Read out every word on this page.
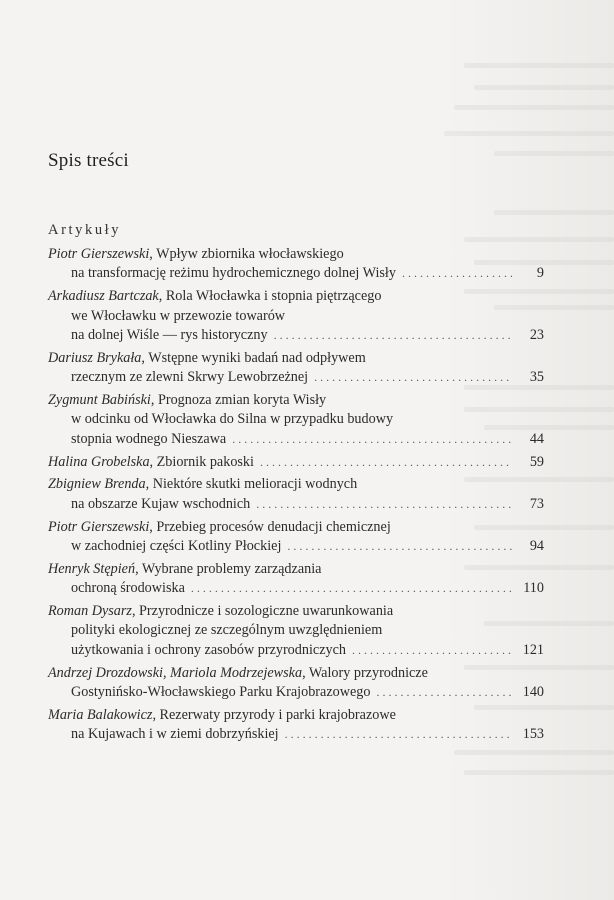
Spis treści
Artykuły
Piotr Gierszewski, Wpływ zbiornika włocławskiego
na transformację reżimu hydrochemicznego dolnej Wisły . . .	9
Arkadiusz Bartczak, Rola Włocławka i stopnia piętrzącego
we Włocławku w przewozie towarów
na dolnej Wiśle — rys historyczny . . .	23
Dariusz Brykała, Wstępne wyniki badań nad odpływem
rzecznym ze zlewni Skrwy Lewobrzeżnej . . .	35
Zygmunt Babiński, Prognoza zmian koryta Wisły
w odcinku od Włocławka do Silna w przypadku budowy
stopnia wodnego Nieszawa . . .	44
Halina Grobelska, Zbiornik pakoski . . .	59
Zbigniew Brenda, Niektóre skutki melioracji wodnych
na obszarze Kujaw wschodnich . . .	73
Piotr Gierszewski, Przebieg procesów denudacji chemicznej
w zachodniej części Kotliny Płockiej . . .	94
Henryk Stępień, Wybrane problemy zarządzania
ochroną środowiska . . .	110
Roman Dysarz, Przyrodnicze i sozologiczne uwarunkowania
polityki ekologicznej ze szczególnym uwzględnieniem
użytkowania i ochrony zasobów przyrodniczych . . .	121
Andrzej Drozdowski, Mariola Modrzejewska, Walory przyrodnicze
Gostynińsko-Włocławskiego Parku Krajobrazowego . . .	140
Maria Balakowicz, Rezerwaty przyrody i parki krajobrazowe
na Kujawach i w ziemi dobrzyńskiej . . .	153
